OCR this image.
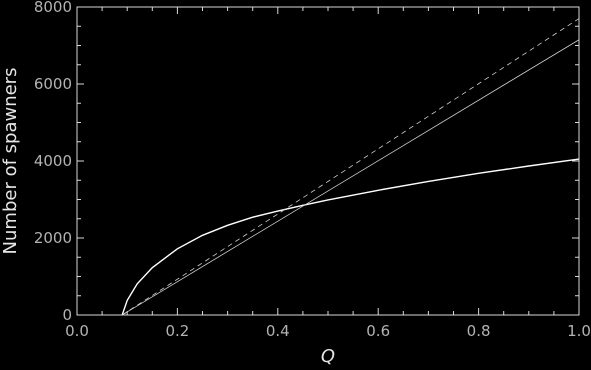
0.0	0.2	0.4	0.6	0.8	1.0
0
2000
4000
6000
8000
Q
Number of spawners
